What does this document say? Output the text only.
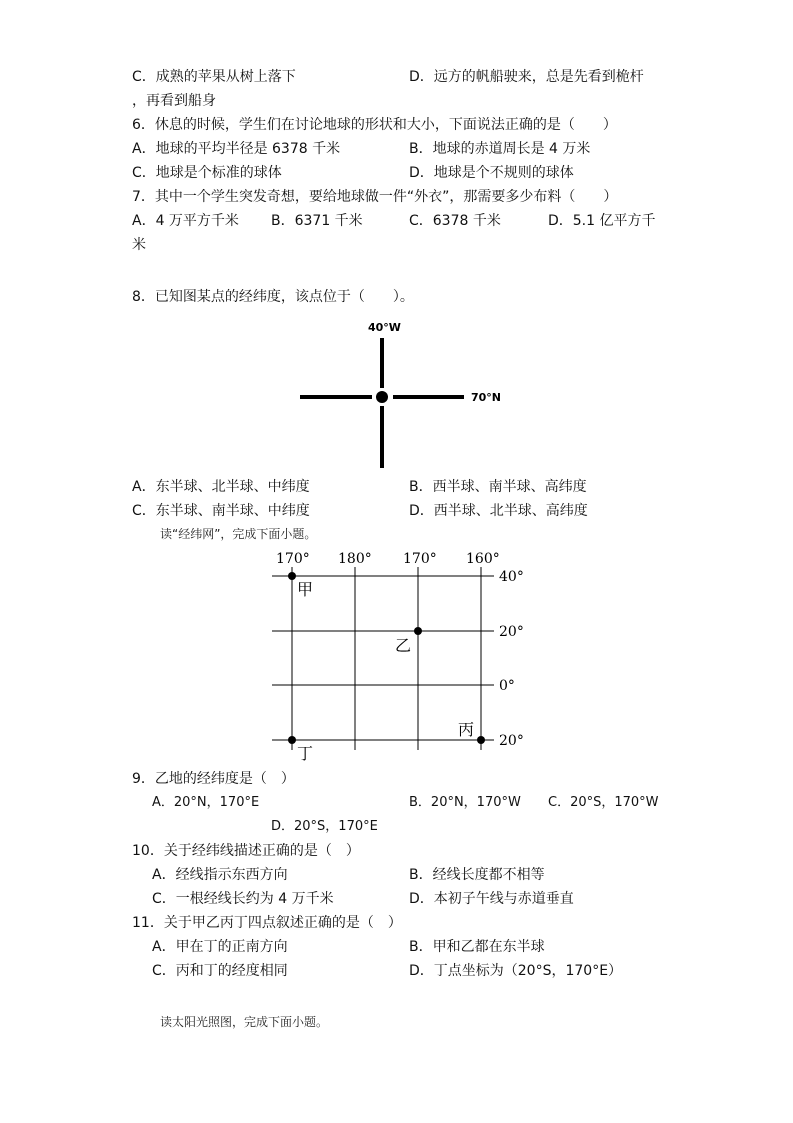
C．成熟的苹果从树上落下	D．远方的帆船驶来，总是先看到桅杆
，再看到船身
6．休息的时候，学生们在讨论地球的形状和大小，下面说法正确的是（　　）
A．地球的平均半径是 6378 千米	B．地球的赤道周长是 4 万米
C．地球是个标准的球体	D．地球是个不规则的球体
7．其中一个学生突发奇想，要给地球做一件“外衣”，那需要多少布料（　　）
A．4 万平方千米 B．6371 千米	C．6378 千米	D．5.1 亿平方千
米
8．已知图某点的经纬度，该点位于（　　）。
40°W
70°N
A．东半球、北半球、中纬度	B．西半球、南半球、高纬度
C．东半球、南半球、中纬度	D．西半球、北半球、高纬度
读“经纬网”，完成下面小题。
170° 180° 170° 160°
40°
20°
0°
20°
甲
乙
丙
丁
9．乙地的经纬度是（　）
A．20°N，170°E	B．20°N，170°W C．20°S，170°W
D．20°S，170°E
10．关于经纬线描述正确的是（　）
A．经线指示东西方向	B．经线长度都不相等
C．一根经线长约为 4 万千米	D．本初子午线与赤道垂直
11．关于甲乙丙丁四点叙述正确的是（　）
A．甲在丁的正南方向	B．甲和乙都在东半球
C．丙和丁的经度相同	D．丁点坐标为（20°S，170°E）
读太阳光照图，完成下面小题。
